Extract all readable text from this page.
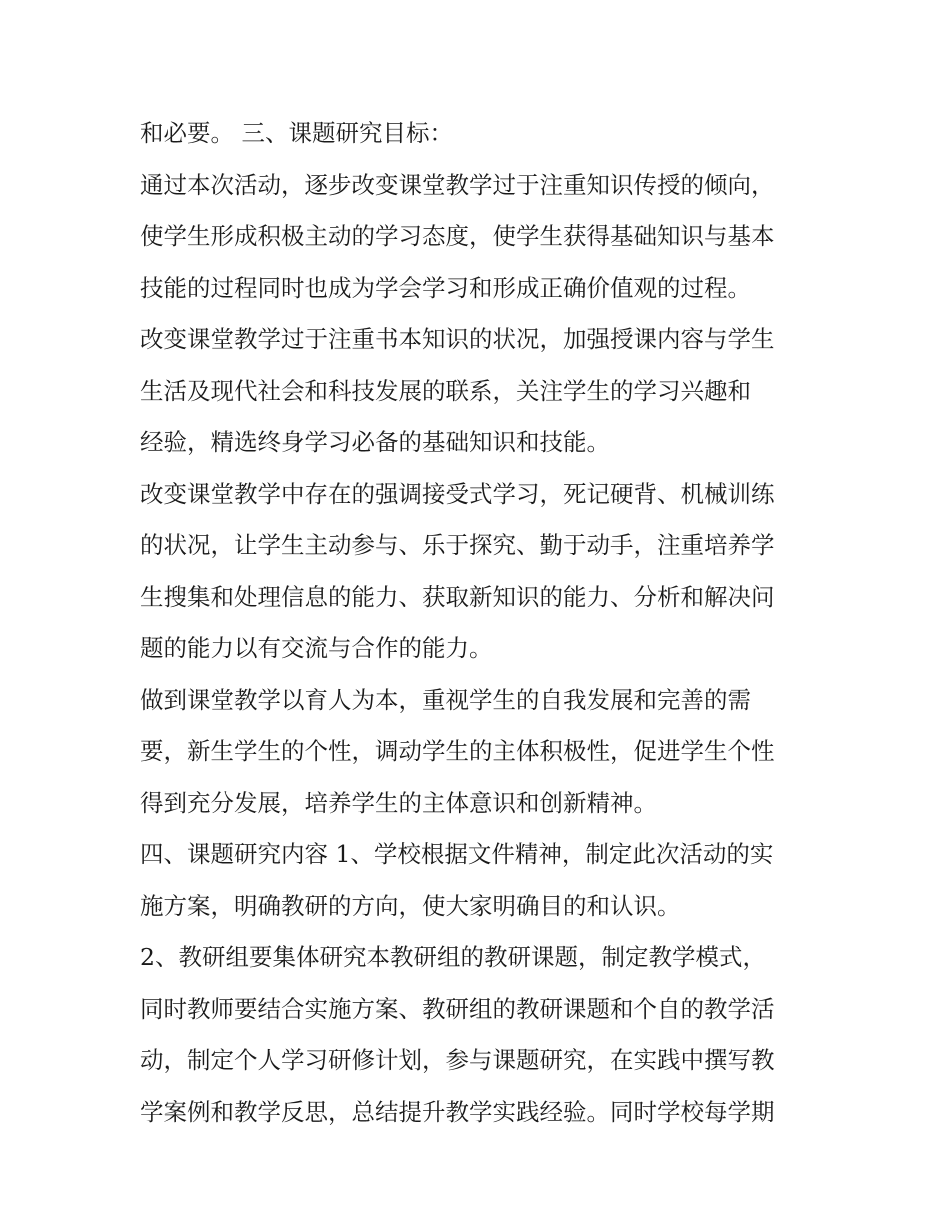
和必要。 三、课题研究目标：
通过本次活动，逐步改变课堂教学过于注重知识传授的倾向，
使学生形成积极主动的学习态度，使学生获得基础知识与基本
技能的过程同时也成为学会学习和形成正确价值观的过程。
改变课堂教学过于注重书本知识的状况，加强授课内容与学生
生活及现代社会和科技发展的联系，关注学生的学习兴趣和
经验，精选终身学习必备的基础知识和技能。
改变课堂教学中存在的强调接受式学习，死记硬背、机械训练
的状况，让学生主动参与、乐于探究、勤于动手，注重培养学
生搜集和处理信息的能力、获取新知识的能力、分析和解决问
题的能力以有交流与合作的能力。
做到课堂教学以育人为本，重视学生的自我发展和完善的需
要，新生学生的个性，调动学生的主体积极性，促进学生个性
得到充分发展，培养学生的主体意识和创新精神。
四、课题研究内容 1、学校根据文件精神，制定此次活动的实
施方案，明确教研的方向，使大家明确目的和认识。
2、教研组要集体研究本教研组的教研课题，制定教学模式，
同时教师要结合实施方案、教研组的教研课题和个自的教学活
动，制定个人学习研修计划，参与课题研究，在实践中撰写教
学案例和教学反思，总结提升教学实践经验。同时学校每学期
